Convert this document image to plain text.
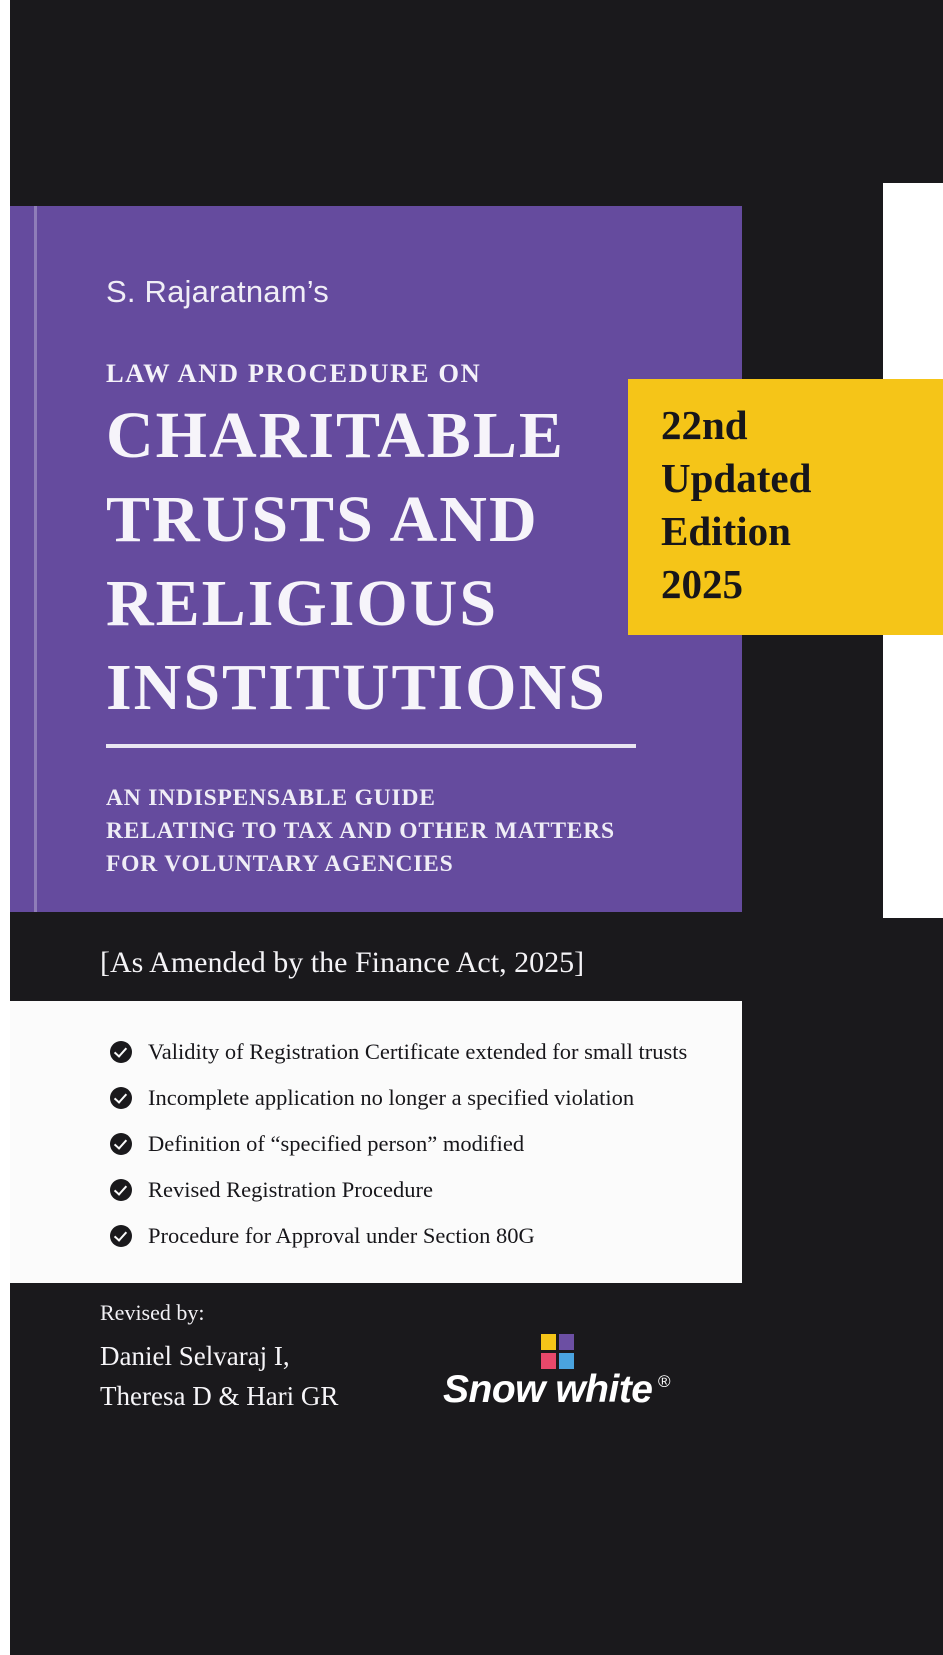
S. Rajaratnam’s
LAW AND PROCEDURE ON
CHARITABLE
TRUSTS AND
RELIGIOUS
INSTITUTIONS
AN INDISPENSABLE GUIDE
RELATING TO TAX AND OTHER MATTERS
FOR VOLUNTARY AGENCIES
22nd
Updated
Edition
2025
[As Amended by the Finance Act, 2025]
Validity of Registration Certificate extended for small trusts
Incomplete application no longer a specified violation
Definition of “specified person” modified
Revised Registration Procedure
Procedure for Approval under Section 80G
Revised by:
Daniel Selvaraj I,
Theresa D & Hari GR	Snow white ®
